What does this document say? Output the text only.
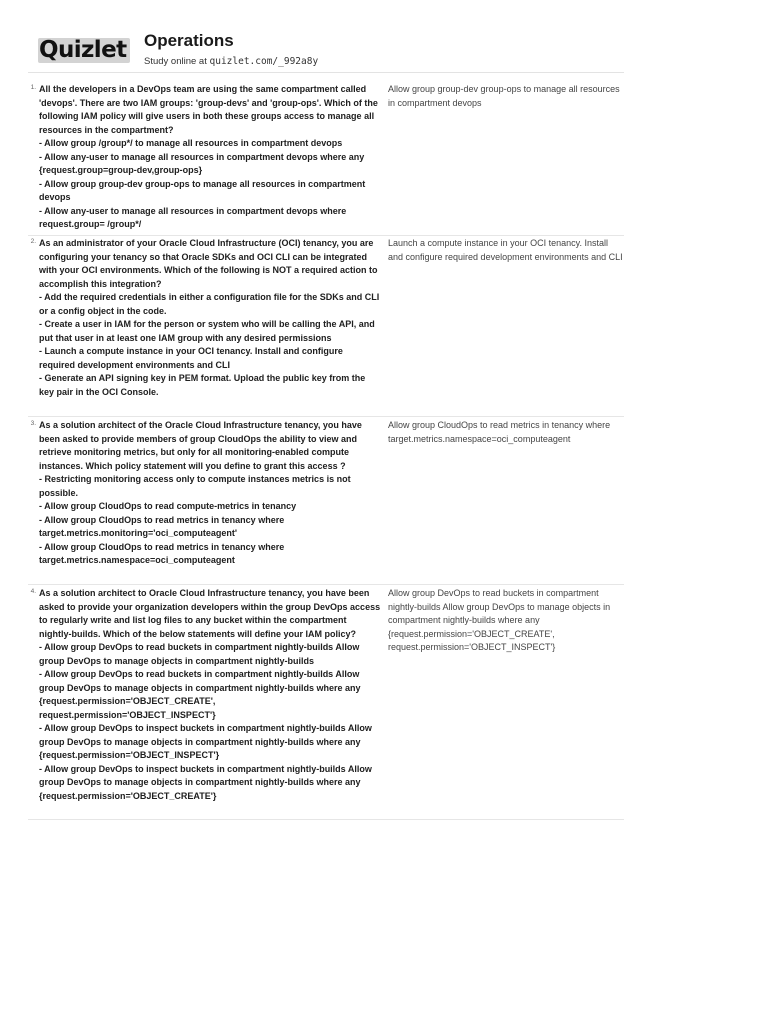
Quizlet Operations
Study online at quizlet.com/_992a8y
1. All the developers in a DevOps team are using the same compartment called 'devops'. There are two IAM groups: 'group-devs' and 'group-ops'. Which of the following IAM policy will give users in both these groups access to manage all resources in the compartment?
- Allow group /group*/ to manage all resources in compartment devops
- Allow any-user to manage all resources in compartment devops where any {request.group=group-dev,group-ops}
- Allow group group-dev group-ops to manage all resources in compartment devops
- Allow any-user to manage all resources in compartment devops where request.group= /group*/
Allow group group-dev group-ops to manage all resources in compartment devops
2. As an administrator of your Oracle Cloud Infrastructure (OCI) tenancy, you are configuring your tenancy so that Oracle SDKs and OCI CLI can be integrated with your OCI environments. Which of the following is NOT a required action to accomplish this integration?
- Add the required credentials in either a configuration file for the SDKs and CLI or a config object in the code.
- Create a user in IAM for the person or system who will be calling the API, and put that user in at least one IAM group with any desired permissions
- Launch a compute instance in your OCI tenancy. Install and configure required development environments and CLI
- Generate an API signing key in PEM format. Upload the public key from the key pair in the OCI Console.
Launch a compute instance in your OCI tenancy. Install and configure required development environments and CLI
3. As a solution architect of the Oracle Cloud Infrastructure tenancy, you have been asked to provide members of group CloudOps the ability to view and retrieve monitoring metrics, but only for all monitoring-enabled compute instances. Which policy statement will you define to grant this access ?
- Restricting monitoring access only to compute instances metrics is not possible.
- Allow group CloudOps to read compute-metrics in tenancy
- Allow group CloudOps to read metrics in tenancy where target.metrics.monitoring='oci_computeagent'
- Allow group CloudOps to read metrics in tenancy where target.metrics.namespace=oci_computeagent
Allow group CloudOps to read metrics in tenancy where target.metrics.namespace=oci_computeagent
4. As a solution architect to Oracle Cloud Infrastructure tenancy, you have been asked to provide your organization developers within the group DevOps access to regularly write and list log files to any bucket within the compartment nightly-builds. Which of the below statements will define your IAM policy?
- Allow group DevOps to read buckets in compartment nightly-builds Allow group DevOps to manage objects in compartment nightly-builds
- Allow group DevOps to read buckets in compartment nightly-builds Allow group DevOps to manage objects in compartment nightly-builds where any {request.permission='OBJECT_CREATE', request.permission='OBJECT_INSPECT'}
- Allow group DevOps to inspect buckets in compartment nightly-builds Allow group DevOps to manage objects in compartment nightly-builds where any {request.permission='OBJECT_INSPECT'}
- Allow group DevOps to inspect buckets in compartment nightly-builds Allow group DevOps to manage objects in compartment nightly-builds where any {request.permission='OBJECT_CREATE'}
Allow group DevOps to read buckets in compartment nightly-builds Allow group DevOps to manage objects in compartment nightly-builds where any {request.permission='OBJECT_CREATE', request.permission='OBJECT_INSPECT'}
